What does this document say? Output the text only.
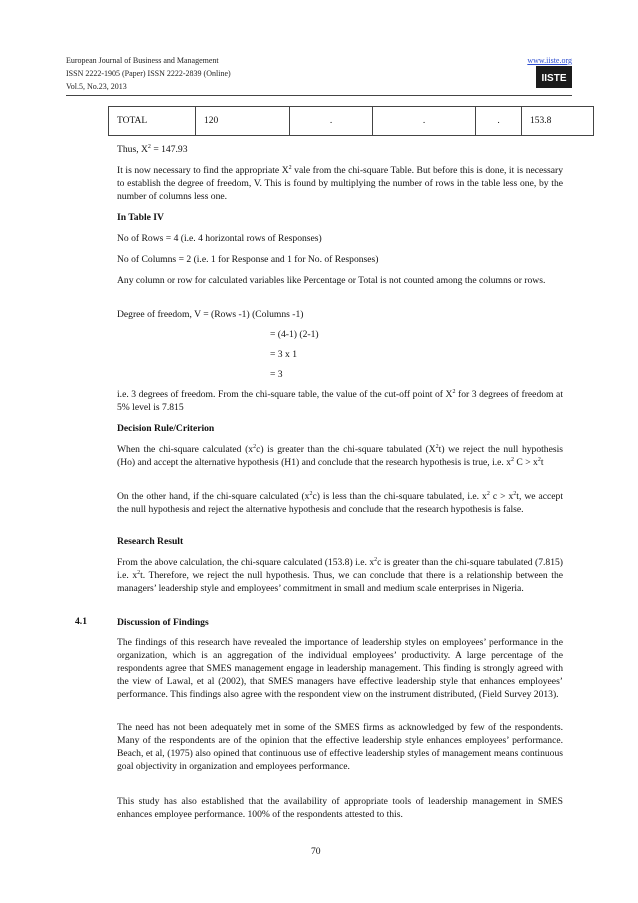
European Journal of Business and Management
ISSN 2222-1905 (Paper) ISSN 2222-2839 (Online)
Vol.5, No.23, 2013
www.iiste.org
IISTE
TOTAL	120	.	.	.	153.8
Thus, $X^2 = 147.93$
It is now necessary to find the appropriate $X^2$ vale from the chi-square Table. But before this is done, it is necessary to establish the degree of freedom, V. This is found by multiplying the number of rows in the table less one, by the number of columns less one.
In Table IV
No of Rows = 4 (i.e. 4 horizontal rows of Responses)
No of Columns = 2 (i.e. 1 for Response and 1 for No. of Responses)
Any column or row for calculated variables like Percentage or Total is not counted among the columns or rows.
Degree of freedom, V = (Rows -1) (Columns -1)
= (4-1) (2-1)
= 3 x 1
= 3
i.e. 3 degrees of freedom. From the chi-square table, the value of the cut-off point of $X^2$ for 3 degrees of freedom at 5% level is 7.815
Decision Rule/Criterion
When the chi-square calculated $(x^2c)$ is greater than the chi-square tabulated $(X^2t)$ we reject the null hypothesis (Ho) and accept the alternative hypothesis (H1) and conclude that the research hypothesis is true, i.e. $x^2$ $C > x^2t$
On the other hand, if the chi-square calculated $(x^2c)$ is less than the chi-square tabulated, i.e. $x^2$ $c > x^2t$, we accept the null hypothesis and reject the alternative hypothesis and conclude that the research hypothesis is false.
Research Result
From the above calculation, the chi-square calculated (153.8) i.e. $x^2c$ is greater than the chi-square tabulated (7.815) i.e. $x^2t$. Therefore, we reject the null hypothesis. Thus, we can conclude that there is a relationship between the managers’ leadership style and employees’ commitment in small and medium scale enterprises in Nigeria.
4.1	Discussion of Findings
The findings of this research have revealed the importance of leadership styles on employees’ performance in the organization, which is an aggregation of the individual employees’ productivity. A large percentage of the respondents agree that SMES management engage in leadership management. This finding is strongly agreed with the view of Lawal, et al (2002), that SMES managers have effective leadership style that enhances employees’ performance. This findings also agree with the respondent view on the instrument distributed, (Field Survey 2013).
The need has not been adequately met in some of the SMES firms as acknowledged by few of the respondents. Many of the respondents are of the opinion that the effective leadership style enhances employees’ performance. Beach, et al, (1975) also opined that continuous use of effective leadership styles of management means continuous goal objectivity in organization and employees performance.
This study has also established that the availability of appropriate tools of leadership management in SMES enhances employee performance. 100% of the respondents attested to this.
70
